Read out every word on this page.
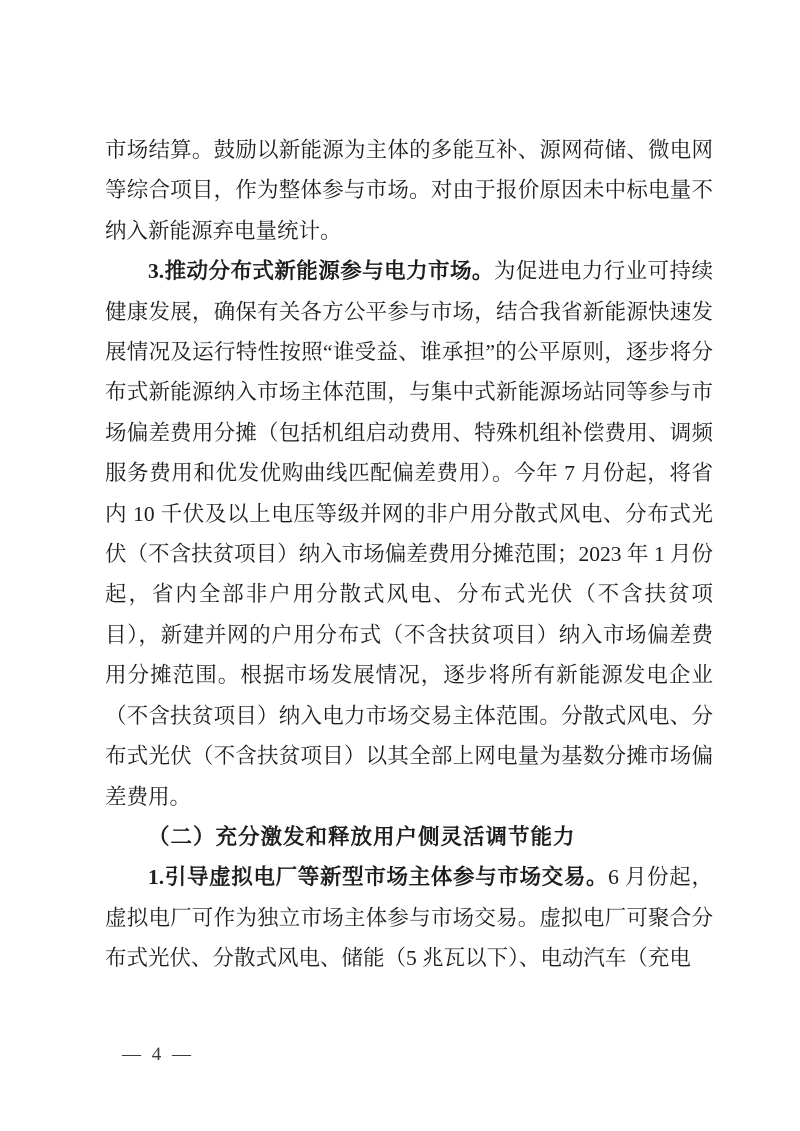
市场结算。鼓励以新能源为主体的多能互补、源网荷储、微电网等综合项目，作为整体参与市场。对由于报价原因未中标电量不纳入新能源弃电量统计。

3.推动分布式新能源参与电力市场。为促进电力行业可持续健康发展，确保有关各方公平参与市场，结合我省新能源快速发展情况及运行特性按照“谁受益、谁承担”的公平原则，逐步将分布式新能源纳入市场主体范围，与集中式新能源场站同等参与市场偏差费用分摊（包括机组启动费用、特殊机组补偿费用、调频服务费用和优发优购曲线匹配偏差费用）。今年 7 月份起，将省内 10 千伏及以上电压等级并网的非户用分散式风电、分布式光伏（不含扶贫项目）纳入市场偏差费用分摊范围；2023 年 1 月份起，省内全部非户用分散式风电、分布式光伏（不含扶贫项目），新建并网的户用分布式（不含扶贫项目）纳入市场偏差费用分摊范围。根据市场发展情况，逐步将所有新能源发电企业（不含扶贫项目）纳入电力市场交易主体范围。分散式风电、分布式光伏（不含扶贫项目）以其全部上网电量为基数分摊市场偏差费用。

（二）充分激发和释放用户侧灵活调节能力

1.引导虚拟电厂等新型市场主体参与市场交易。6 月份起，虚拟电厂可作为独立市场主体参与市场交易。虚拟电厂可聚合分布式光伏、分散式风电、储能（5 兆瓦以下）、电动汽车（充电

— 4 —
